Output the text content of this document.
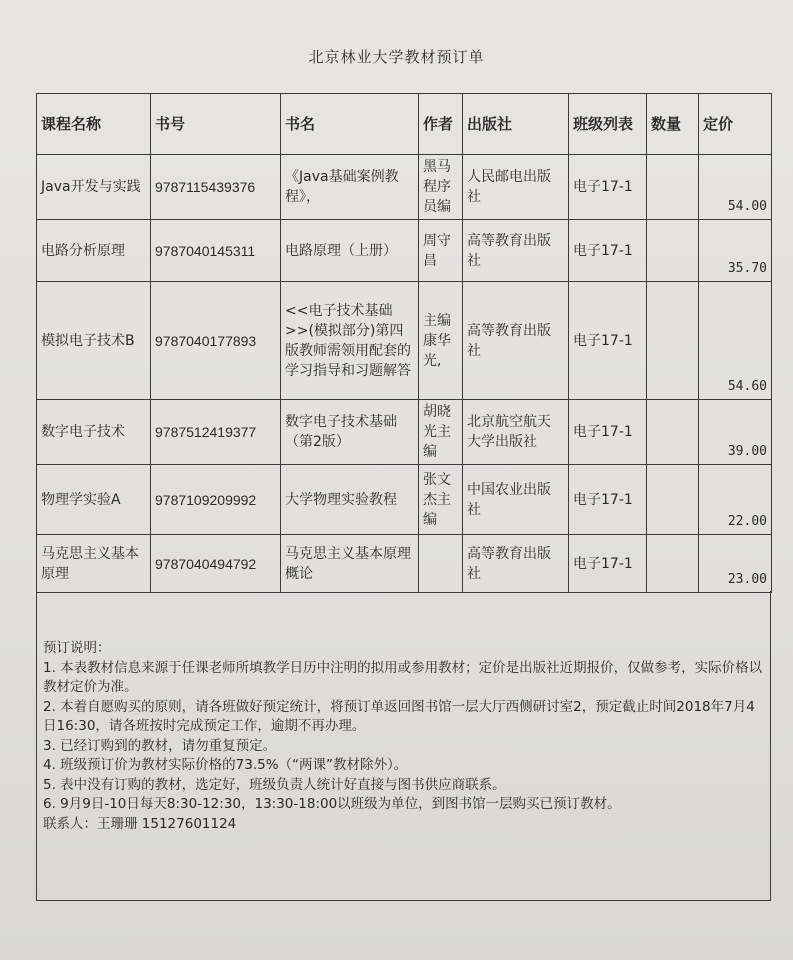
北京林业大学教材预订单
课程名称	书号	书名	作者	出版社	班级列表	数量	定价
Java开发与实践	9787115439376	《Java基础案例教程》，	黑马程序员编	人民邮电出版社	电子17-1		54.00
电路分析原理	9787040145311	电路原理（上册）	周守昌	高等教育出版社	电子17-1		35.70
模拟电子技术B	9787040177893	<<电子技术基础>>(模拟部分)第四版教师需领用配套的学习指导和习题解答	主编康华光,	高等教育出版社	电子17-1		54.60
数字电子技术	9787512419377	数字电子技术基础（第2版）	胡晓光主编	北京航空航天大学出版社	电子17-1		39.00
物理学实验A	9787109209992	大学物理实验教程	张文杰主编	中国农业出版社	电子17-1		22.00
马克思主义基本原理	9787040494792	马克思主义基本原理概论		高等教育出版社	电子17-1		23.00
预订说明：
1. 本表教材信息来源于任课老师所填教学日历中注明的拟用或参用教材；定价是出版社近期报价，仅做参考，实际价格以教材定价为准。
2. 本着自愿购买的原则，请各班做好预定统计，将预订单返回图书馆一层大厅西侧研讨室2，预定截止时间2018年7月4日16:30，请各班按时完成预定工作，逾期不再办理。
3. 已经订购到的教材，请勿重复预定。
4. 班级预订价为教材实际价格的73.5%（“两课”教材除外）。
5. 表中没有订购的教材，选定好，班级负责人统计好直接与图书供应商联系。
6. 9月9日-10日每天8:30-12:30，13:30-18:00以班级为单位，到图书馆一层购买已预订教材。
联系人：王珊珊 15127601124
